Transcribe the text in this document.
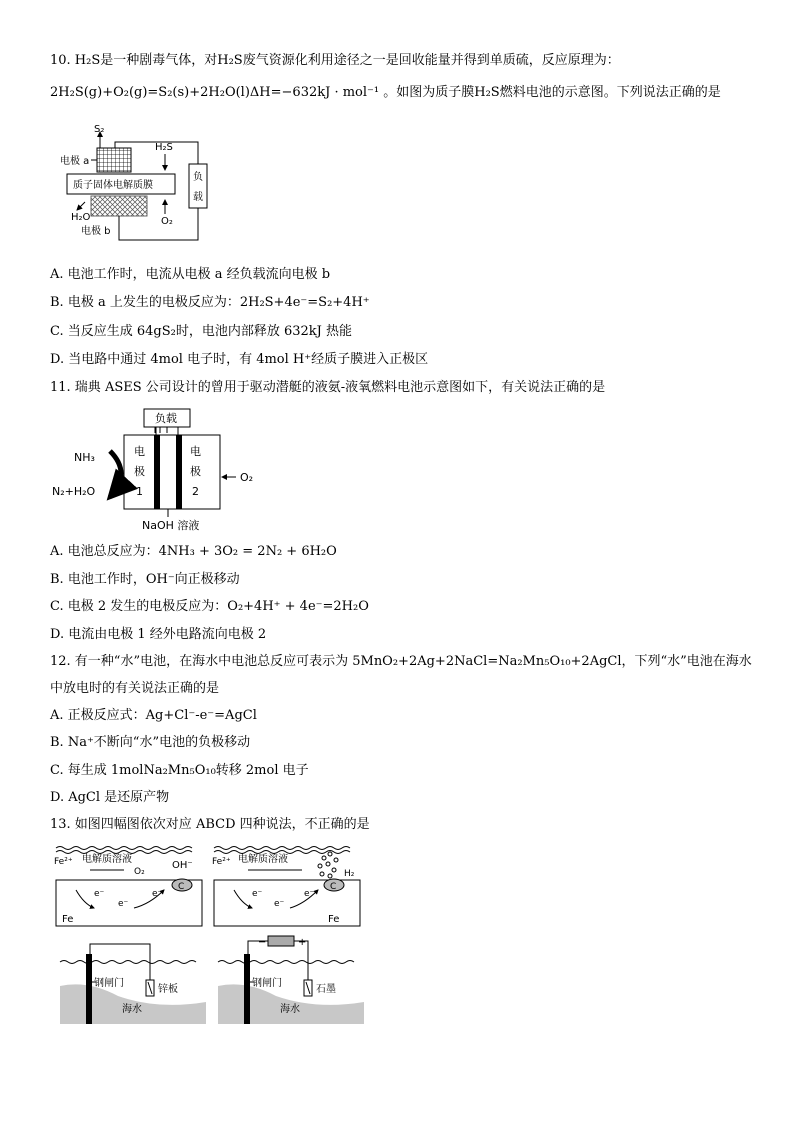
10. H₂S是一种剧毒气体，对H₂S废气资源化利用途径之一是回收能量并得到单质硫，反应原理为：
2H₂S(g)+O₂(g)=S₂(s)+2H₂O(l)ΔH=−632kJ · mol⁻¹ 。如图为质子膜H₂S燃料电池的示意图。下列说法正确的是
S₂
电极 a
H₂S
质子固体电解质膜
H₂O
电极 b
O₂
负 载
A. 电池工作时，电流从电极 a 经负载流向电极 b
B. 电极 a 上发生的电极反应为：2H₂S+4e⁻=S₂+4H⁺
C. 当反应生成 64gS₂时，电池内部释放 632kJ 热能
D. 当电路中通过 4mol 电子时，有 4mol H⁺经质子膜进入正极区
11. 瑞典 ASES 公司设计的曾用于驱动潜艇的液氨-液氧燃料电池示意图如下，有关说法正确的是
负载
电
极
1
电
极
2
NH₃
N₂+H₂O
O₂
NaOH 溶液
A. 电池总反应为：4NH₃ + 3O₂ = 2N₂ + 6H₂O
B. 电池工作时，OH⁻向正极移动
C. 电极 2 发生的电极反应为：O₂+4H⁺ + 4e⁻=2H₂O
D. 电流由电极 1 经外电路流向电极 2
12. 有一种“水”电池，在海水中电池总反应可表示为 5MnO₂+2Ag+2NaCl=Na₂Mn₅O₁₀+2AgCl，下列“水”电池在海水
中放电时的有关说法正确的是
A. 正极反应式：Ag+Cl⁻-e⁻=AgCl
B. Na⁺不断向“水”电池的负极移动
C. 每生成 1molNa₂Mn₅O₁₀转移 2mol 电子
D. AgCl 是还原产物
13. 如图四幅图依次对应 ABCD 四种说法，不正确的是
Fe²⁺ 电解质溶液
O₂
OH⁻
C
e⁻
e⁻
e⁻
Fe
Fe²⁺ 电解质溶液
H₂
C
e⁻
e⁻
e⁻
Fe
钢闸门
锌板
海水
−	+
钢闸门
石墨
海水
